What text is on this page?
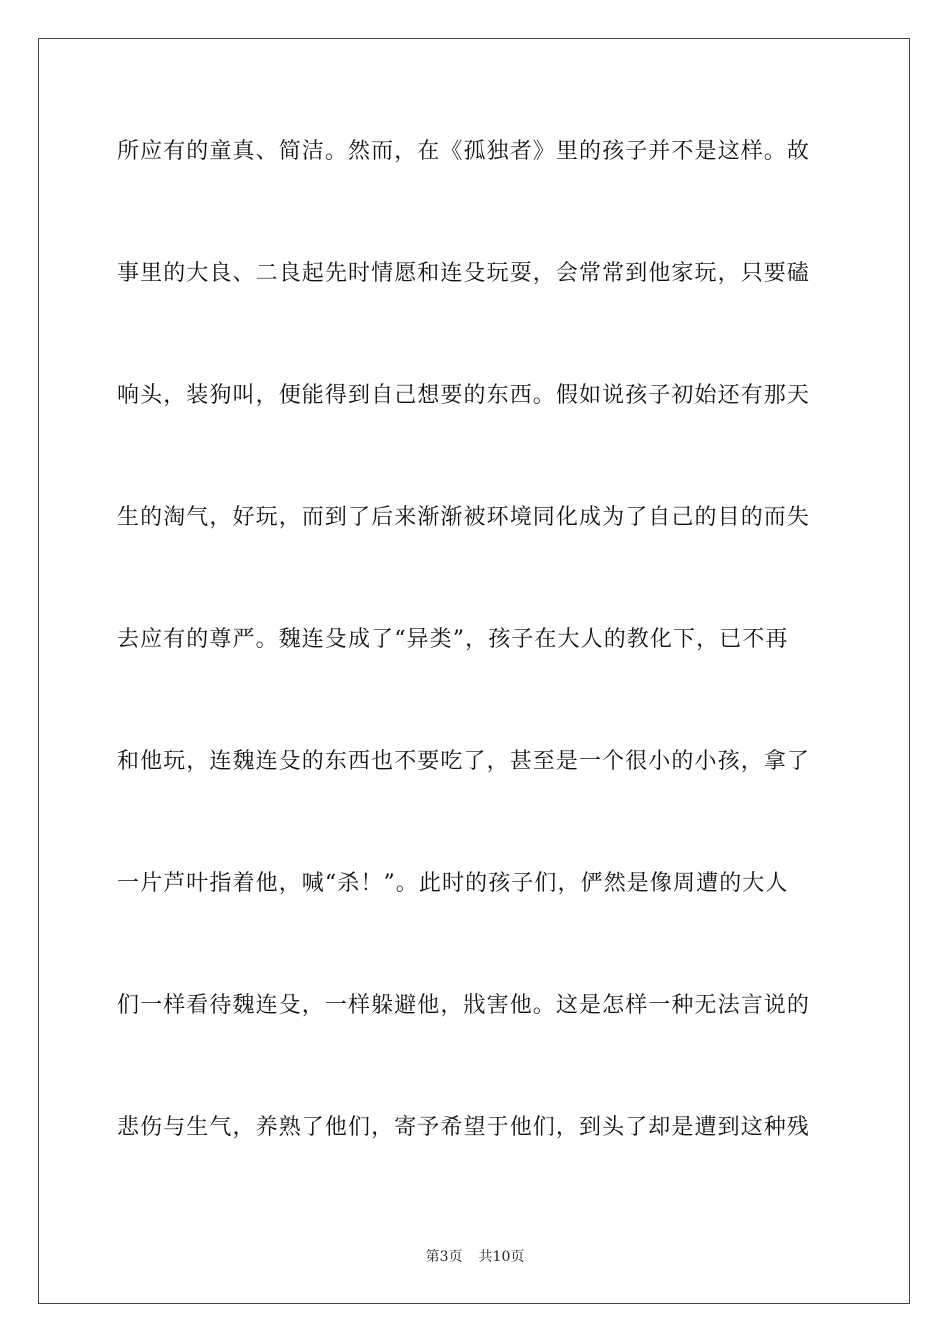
所应有的童真、简洁。然而，在《孤独者》里的孩子并不是这样。故
事里的大良、二良起先时情愿和连殳玩耍，会常常到他家玩，只要磕
响头，装狗叫，便能得到自己想要的东西。假如说孩子初始还有那天
生的淘气，好玩，而到了后来渐渐被环境同化成为了自己的目的而失
去应有的尊严。魏连殳成了“异类”，孩子在大人的教化下，已不再
和他玩，连魏连殳的东西也不要吃了，甚至是一个很小的小孩，拿了
一片芦叶指着他，喊“杀！”。此时的孩子们，俨然是像周遭的大人
们一样看待魏连殳，一样躲避他，戕害他。这是怎样一种无法言说的
悲伤与生气，养熟了他们，寄予希望于他们，到头了却是遭到这种残
第3页 共10页
